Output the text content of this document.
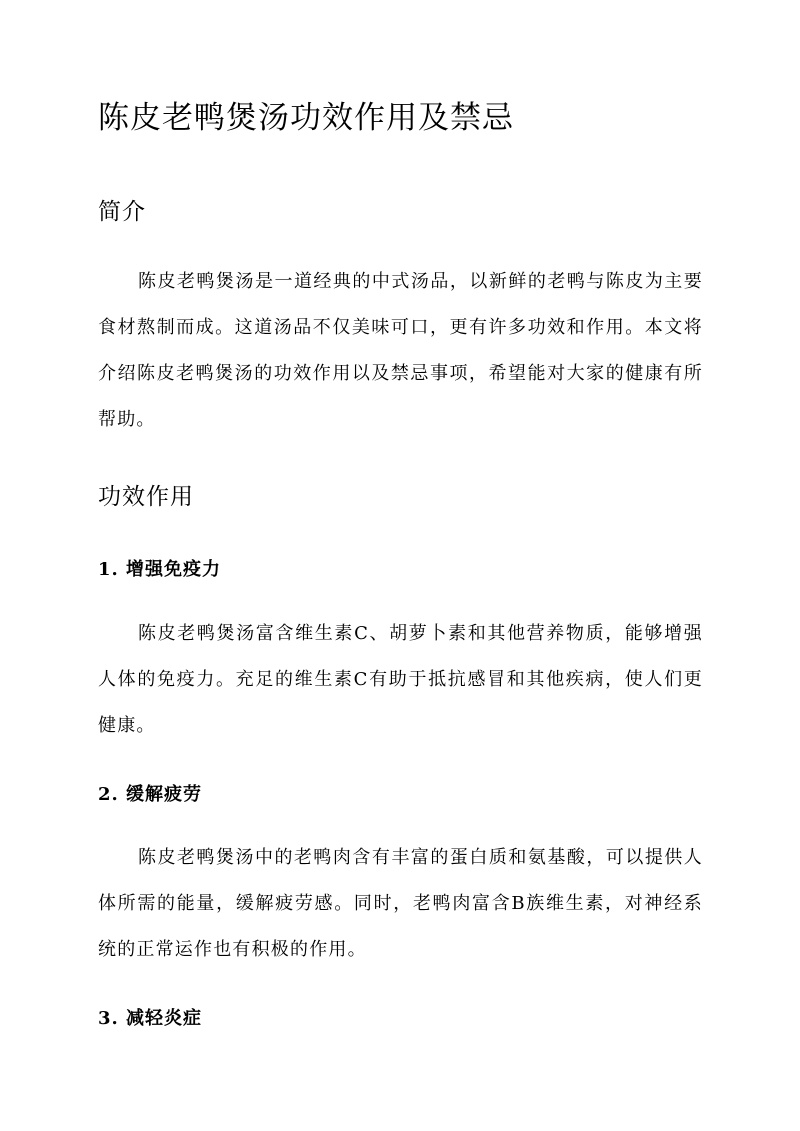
陈皮老鸭煲汤功效作用及禁忌
简介

陈皮老鸭煲汤是一道经典的中式汤品，以新鲜的老鸭与陈皮为主要食材熬制而成。这道汤品不仅美味可口，更有许多功效和作用。本文将介绍陈皮老鸭煲汤的功效作用以及禁忌事项，希望能对大家的健康有所帮助。

功效作用
1. 增强免疫力

陈皮老鸭煲汤富含维生素C、胡萝卜素和其他营养物质，能够增强人体的免疫力。充足的维生素C有助于抵抗感冒和其他疾病，使人们更健康。

2. 缓解疲劳

陈皮老鸭煲汤中的老鸭肉含有丰富的蛋白质和氨基酸，可以提供人体所需的能量，缓解疲劳感。同时，老鸭肉富含B族维生素，对神经系统的正常运作也有积极的作用。

3. 减轻炎症
